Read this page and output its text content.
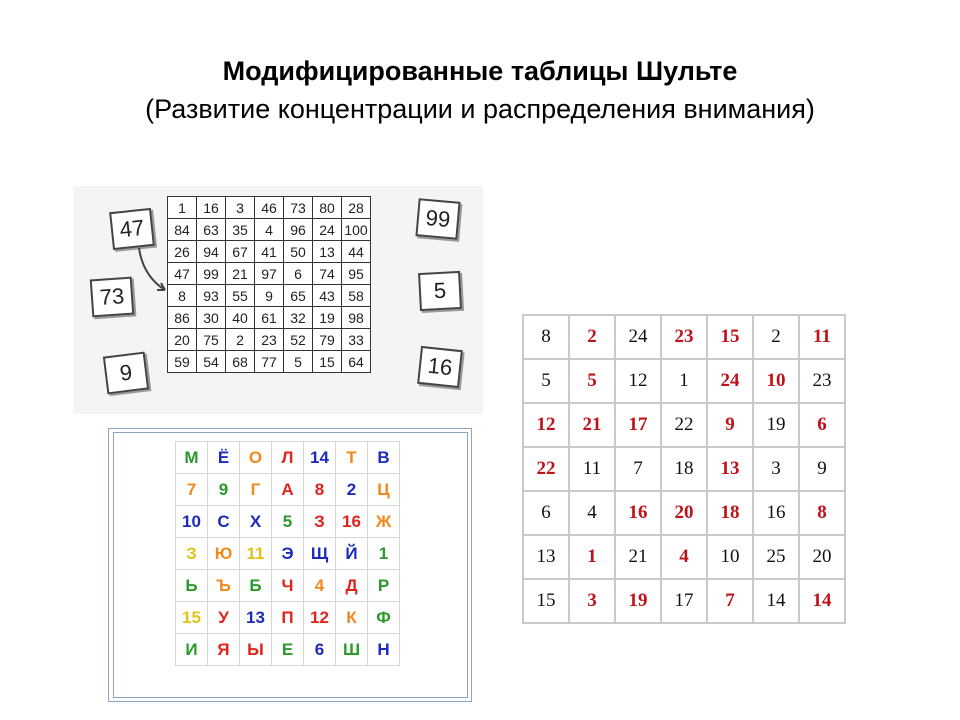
Модифицированные таблицы Шульте
(Развитие концентрации и распределения внимания)
1	16	3	46	73	80	28
84	63	35	4	96	24	100
26	94	67	41	50	13	44
47	99	21	97	6	74	95
8	93	55	9	65	43	58
86	30	40	61	32	19	98
20	75	2	23	52	79	33
59	54	68	77	5	15	64
47
73
9
99
5
16
М	Ё	О	Л	14	Т	В
7	9	Г	А	8	2	Ц
10	С	Х	5	З	16	Ж
З	Ю	11	Э	Щ	Й	1
Ь	Ъ	Б	Ч	4	Д	Р
15	У	13	П	12	К	Ф
И	Я	Ы	Е	6	Ш	Н
8	2	24	23	15	2	11
5	5	12	1	24	10	23
12	21	17	22	9	19	6
22	11	7	18	13	3	9
6	4	16	20	18	16	8
13	1	21	4	10	25	20
15	3	19	17	7	14	14
